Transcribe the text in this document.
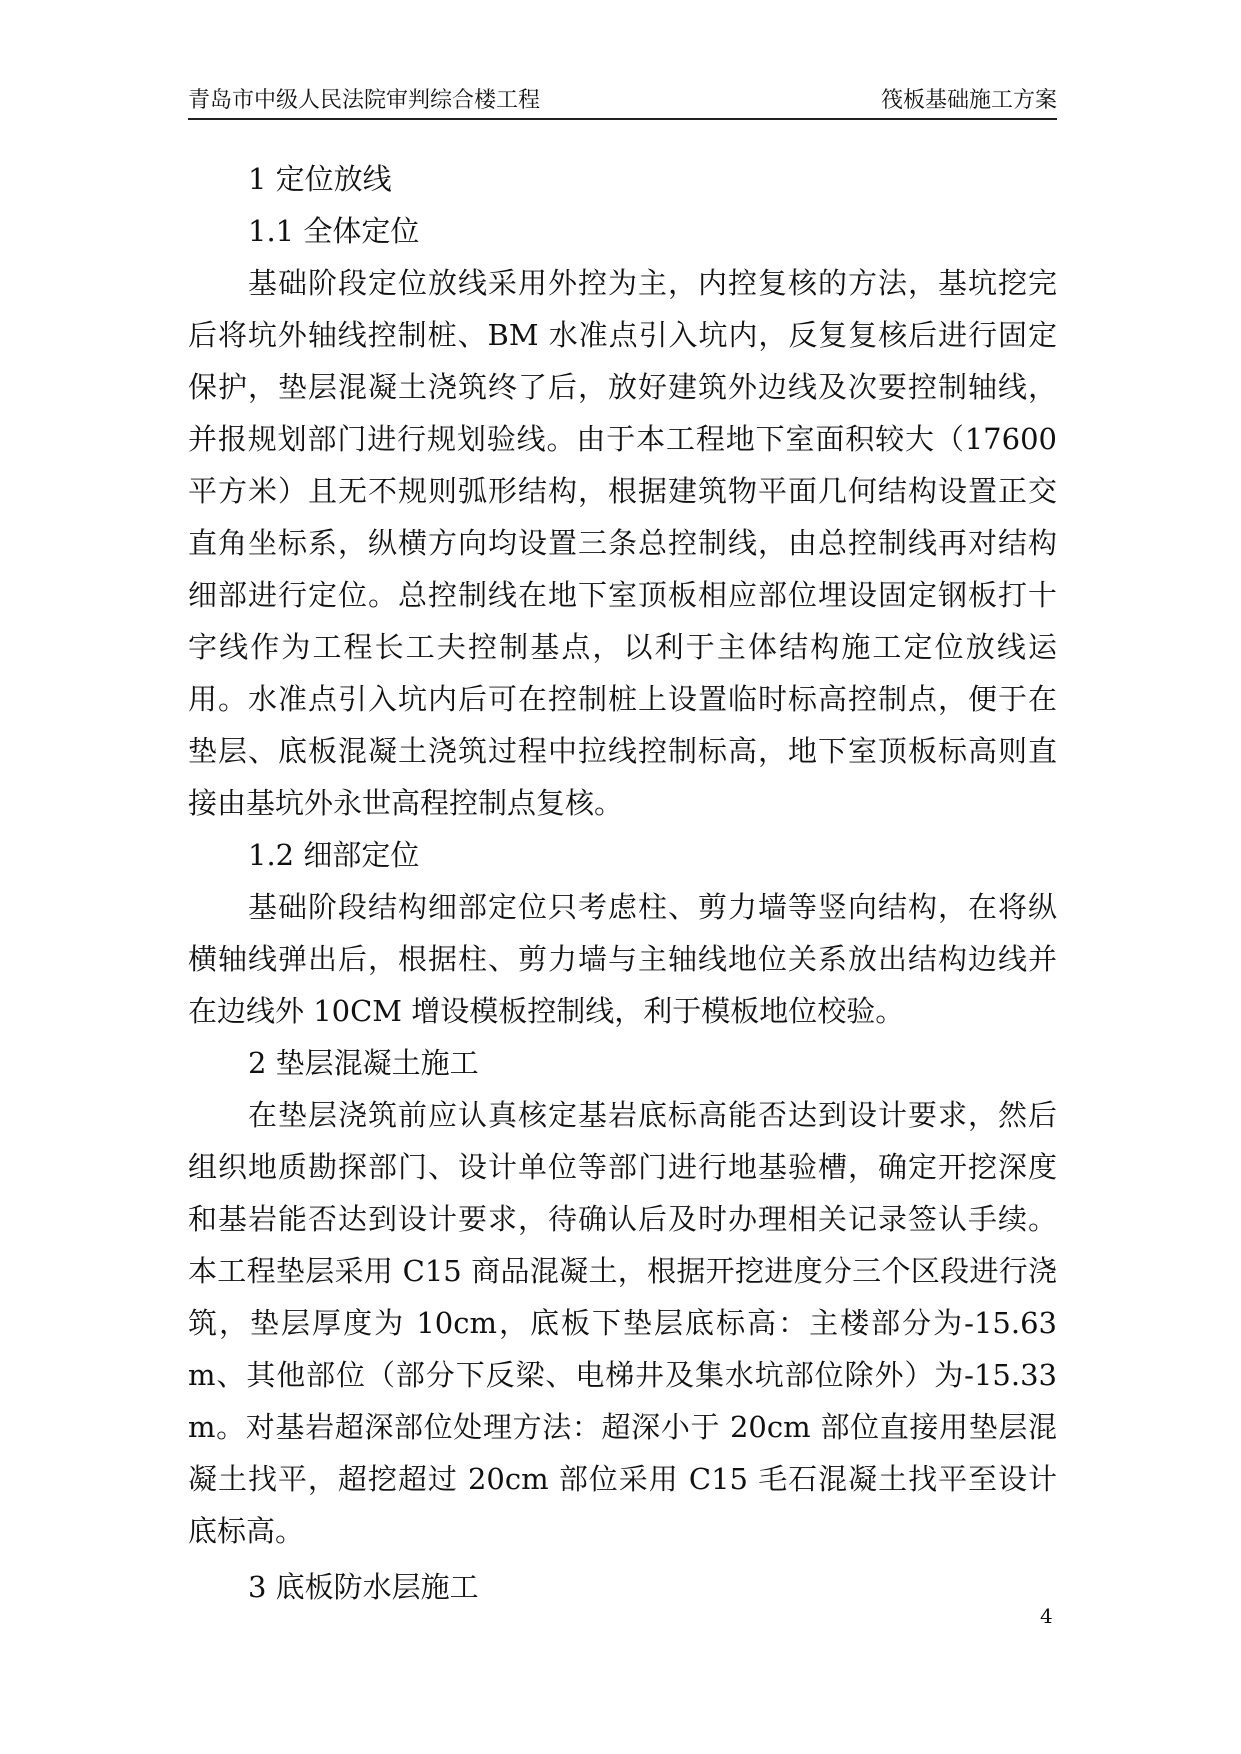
青岛市中级人民法院审判综合楼工程	筏板基础施工方案
1 定位放线
1.1 全体定位

基础阶段定位放线采用外控为主，内控复核的方法，基坑挖完后将坑外轴线控制桩、BM 水准点引入坑内，反复复核后进行固定保护，垫层混凝土浇筑终了后，放好建筑外边线及次要控制轴线，并报规划部门进行规划验线。由于本工程地下室面积较大（17600 平方米）且无不规则弧形结构，根据建筑物平面几何结构设置正交直角坐标系，纵横方向均设置三条总控制线，由总控制线再对结构细部进行定位。总控制线在地下室顶板相应部位埋设固定钢板打十字线作为工程长工夫控制基点，以利于主体结构施工定位放线运用。水准点引入坑内后可在控制桩上设置临时标高控制点，便于在垫层、底板混凝土浇筑过程中拉线控制标高，地下室顶板标高则直接由基坑外永世高程控制点复核。

1.2 细部定位

基础阶段结构细部定位只考虑柱、剪力墙等竖向结构，在将纵横轴线弹出后，根据柱、剪力墙与主轴线地位关系放出结构边线并在边线外 10CM 增设模板控制线，利于模板地位校验。

2 垫层混凝土施工

在垫层浇筑前应认真核定基岩底标高能否达到设计要求，然后组织地质勘探部门、设计单位等部门进行地基验槽，确定开挖深度和基岩能否达到设计要求，待确认后及时办理相关记录签认手续。本工程垫层采用 C15 商品混凝土，根据开挖进度分三个区段进行浇筑，垫层厚度为 10cm，底板下垫层底标高：主楼部分为-15.63m、其他部位（部分下反梁、电梯井及集水坑部位除外）为-15.33m。对基岩超深部位处理方法：超深小于 20cm 部位直接用垫层混凝土找平，超挖超过 20cm 部位采用 C15 毛石混凝土找平至设计底标高。

3 底板防水层施工
4
